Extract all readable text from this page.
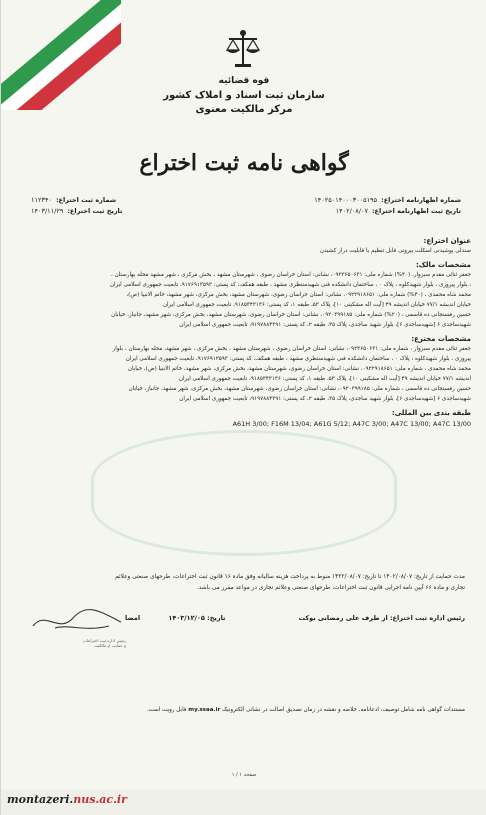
قوه قضائیه
سازمان ثبت اسناد و املاک کشور
مرکز مالکیت معنوی
گواهی نامه ثبت اختراع
شماره اظهارنامه اختراع:
۱۴۰۲۵۰۱۴۰۰۰۳۰۰۵۱۹۵
شماره ثبت اختراع:
۱۱۲۳۴۰
تاریخ ثبت اظهارنامه اختراع:
۱۴۰۲/۰۸/۰۷
تاریخ ثبت اختراع:
۱۴۰۳/۱۱/۲۹
عنوان اختراع:

صندلی پوشیدنی اسکلت بیرونی قابل تنظیم با قابلیت دراز کشیدن

مشخصات مالک:

جعفر ثنائی مقدم سبزوار، (۴۰%) شماره ملی: ۰۹۲۳۶۵۰۶۳۱، نشانی: استان خراسان رضوی ، شهرستان مشهد ، بخش مرکزی ، شهر مشهد محله بهارستان ،

، بلوار پیروزی ، بلوار شهیدکلوه ، پلاک ۰ ، ساختمان دانشکده فنی شهیدمنتظری مشهد ، طبقه همکف، کد پستی: ۹۱۷۶۹۱۳۵۹۳، تابعیت جمهوری اسلامی ایران

محمد شاه محمدی ، (۴۰%) شماره ملی: ۰۹۲۲۹۱۸۶۵۱، نشانی: استان خراسان رضوی، شهرستان مشهد، بخش مرکزی، شهر مشهد، خاتم الانبیا (ص)،

خیابان اندیشه ۷۷/۱ خیابان اندیشه ۴۹ [آیت اله مشکینی ۱۰]، پلاک ۵۳، طبقه ۱، کد پستی: ۹۱۸۵۳۴۳۱۳۶، تابعیت جمهوری اسلامی ایران

حسین رفسنجانی ده قاسمی ، (۲۰%) شماره ملی: ۰۹۲۰۳۹۹۱۸۵، نشانی: استان خراسان رضوی، شهرستان مشهد، بخش مرکزی، شهر مشهد، جانباز، خیابان

شهیدساجدی ۶ [شهیدساجدی ۶]، بلوار شهید ساجدی، پلاک ۳۵، طبقه ۲، کد پستی: ۹۱۹۷۸۸۴۳۹۱، تابعیت جمهوری اسلامی ایران

مشخصات مخترع:

جعفر ثنائی مقدم سبزوار ، شماره ملی: ۰۹۲۳۶۵۰۶۳۱، نشانی: استان خراسان رضوی ، شهرستان مشهد ، بخش مرکزی ، شهر مشهد، محله بهارستان ، بلوار

پیروزی ، بلوار شهیدکلوه ، پلاک ۰ ، ساختمان دانشکده فنی شهیدمنتظری مشهد ، طبقه همکف، کد پستی: ۹۱۷۶۹۱۳۵۹۳، تابعیت جمهوری اسلامی ایران

محمد شاه محمدی ، شماره ملی: ۰۹۲۲۹۱۸۶۵۱، نشانی: استان خراسان رضوی، شهرستان مشهد، بخش مرکزی، شهر مشهد، خاتم الانبیا (ص)، خیابان

اندیشه ۷۷/۱ خیابان اندیشه ۴۹ [آیت اله مشکینی ۱۰]، پلاک ۵۳، طبقه ۱، کد پستی: ۹۱۸۵۳۴۳۱۳۶، تابعیت جمهوری اسلامی ایران

حسین رفسنجانی ده قاسمی ، شماره ملی: ۰۹۲۰۳۹۹۱۸۵، نشانی: استان خراسان رضوی، شهرستان مشهد، بخش مرکزی، شهر مشهد، جانباز، خیابان

شهیدساجدی ۶ [شهیدساجدی ۶]، بلوار شهید ساجدی، پلاک ۳۵، طبقه ۲، کد پستی: ۹۱۹۷۸۸۴۳۹۱، تابعیت جمهوری اسلامی ایران

طبقه بندی بین المللی:
A61H 3/00; F16M 13/04; A61G 5/12; A47C 3/00; A47C 13/00; A47C 13/00
مدت حمایت از تاریخ: ۱۴۰۲/۰۸/۰۷ تا تاریخ: ۱۴۲۲/۰۸/۰۷ منوط به پرداخت هزینه سالیانه وفق ماده ۱۶ قانون ثبت اختراعات، طرحهای صنعتی وعلائم
تجاری و ماده ۶۶ آیین نامه اجرایی قانون ثبت اختراعات، طرحهای صنعتی وعلائم تجاری در مواعد مقرر می باشد.
رئیس اداره ثبت اختراع: از طرف علی رمضانی بوکت
تاریخ: ۱۴۰۳/۱۲/۰۵ امضا
رئیس اداره ثبت اختراعات
و حمایت از مالکیت
مستندات گواهی نامه شامل توصیف، ادعانامه، خلاصه و نقشه در زمان تصدیق اصالت در نشانی الکترونیک my.ssaa.ir قابل رویت است.
صفحه ۱ / ۱
montazeri.nus.ac.ir
